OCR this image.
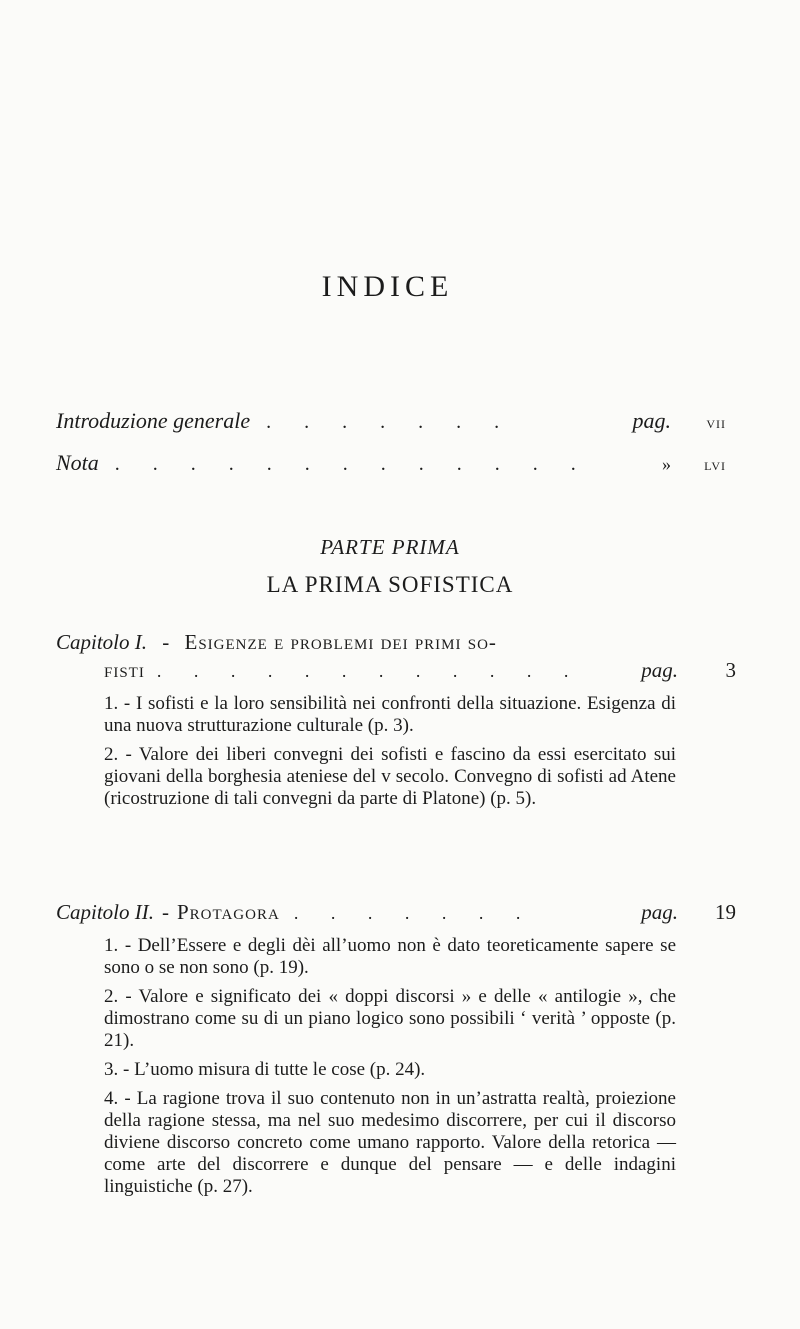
INDICE
Introduzione generale . . . . . . .	pag.	vii
Nota . . . . . . . . . . . . .	»	lvi
PARTE PRIMA
LA PRIMA SOFISTICA
Capitolo I. - Esigenze e problemi dei primi so-
fisti . . . . . . . . . . . .	pag.	3
1. - I sofisti e la loro sensibilità nei confronti della situazione. Esigenza di una nuova strutturazione culturale (p. 3).
2. - Valore dei liberi convegni dei sofisti e fascino da essi esercitato sui giovani della borghesia ateniese del v secolo. Convegno di sofisti ad Atene (ricostruzione di tali convegni da parte di Platone) (p. 5).
Capitolo II. - Protagora . . . . . . .	pag.	19
1. - Dell’Essere e degli dèi all’uomo non è dato teoreticamente sapere se sono o se non sono (p. 19).
2. - Valore e significato dei « doppi discorsi » e delle « antilogie », che dimostrano come su di un piano logico sono possibili ‘ verità ’ opposte (p. 21).
3. - L’uomo misura di tutte le cose (p. 24).
4. - La ragione trova il suo contenuto non in un’astratta realtà, proiezione della ragione stessa, ma nel suo medesimo discorrere, per cui il discorso diviene discorso concreto come umano rapporto. Valore della retorica — come arte del discorrere e dunque del pensare — e delle indagini linguistiche (p. 27).
